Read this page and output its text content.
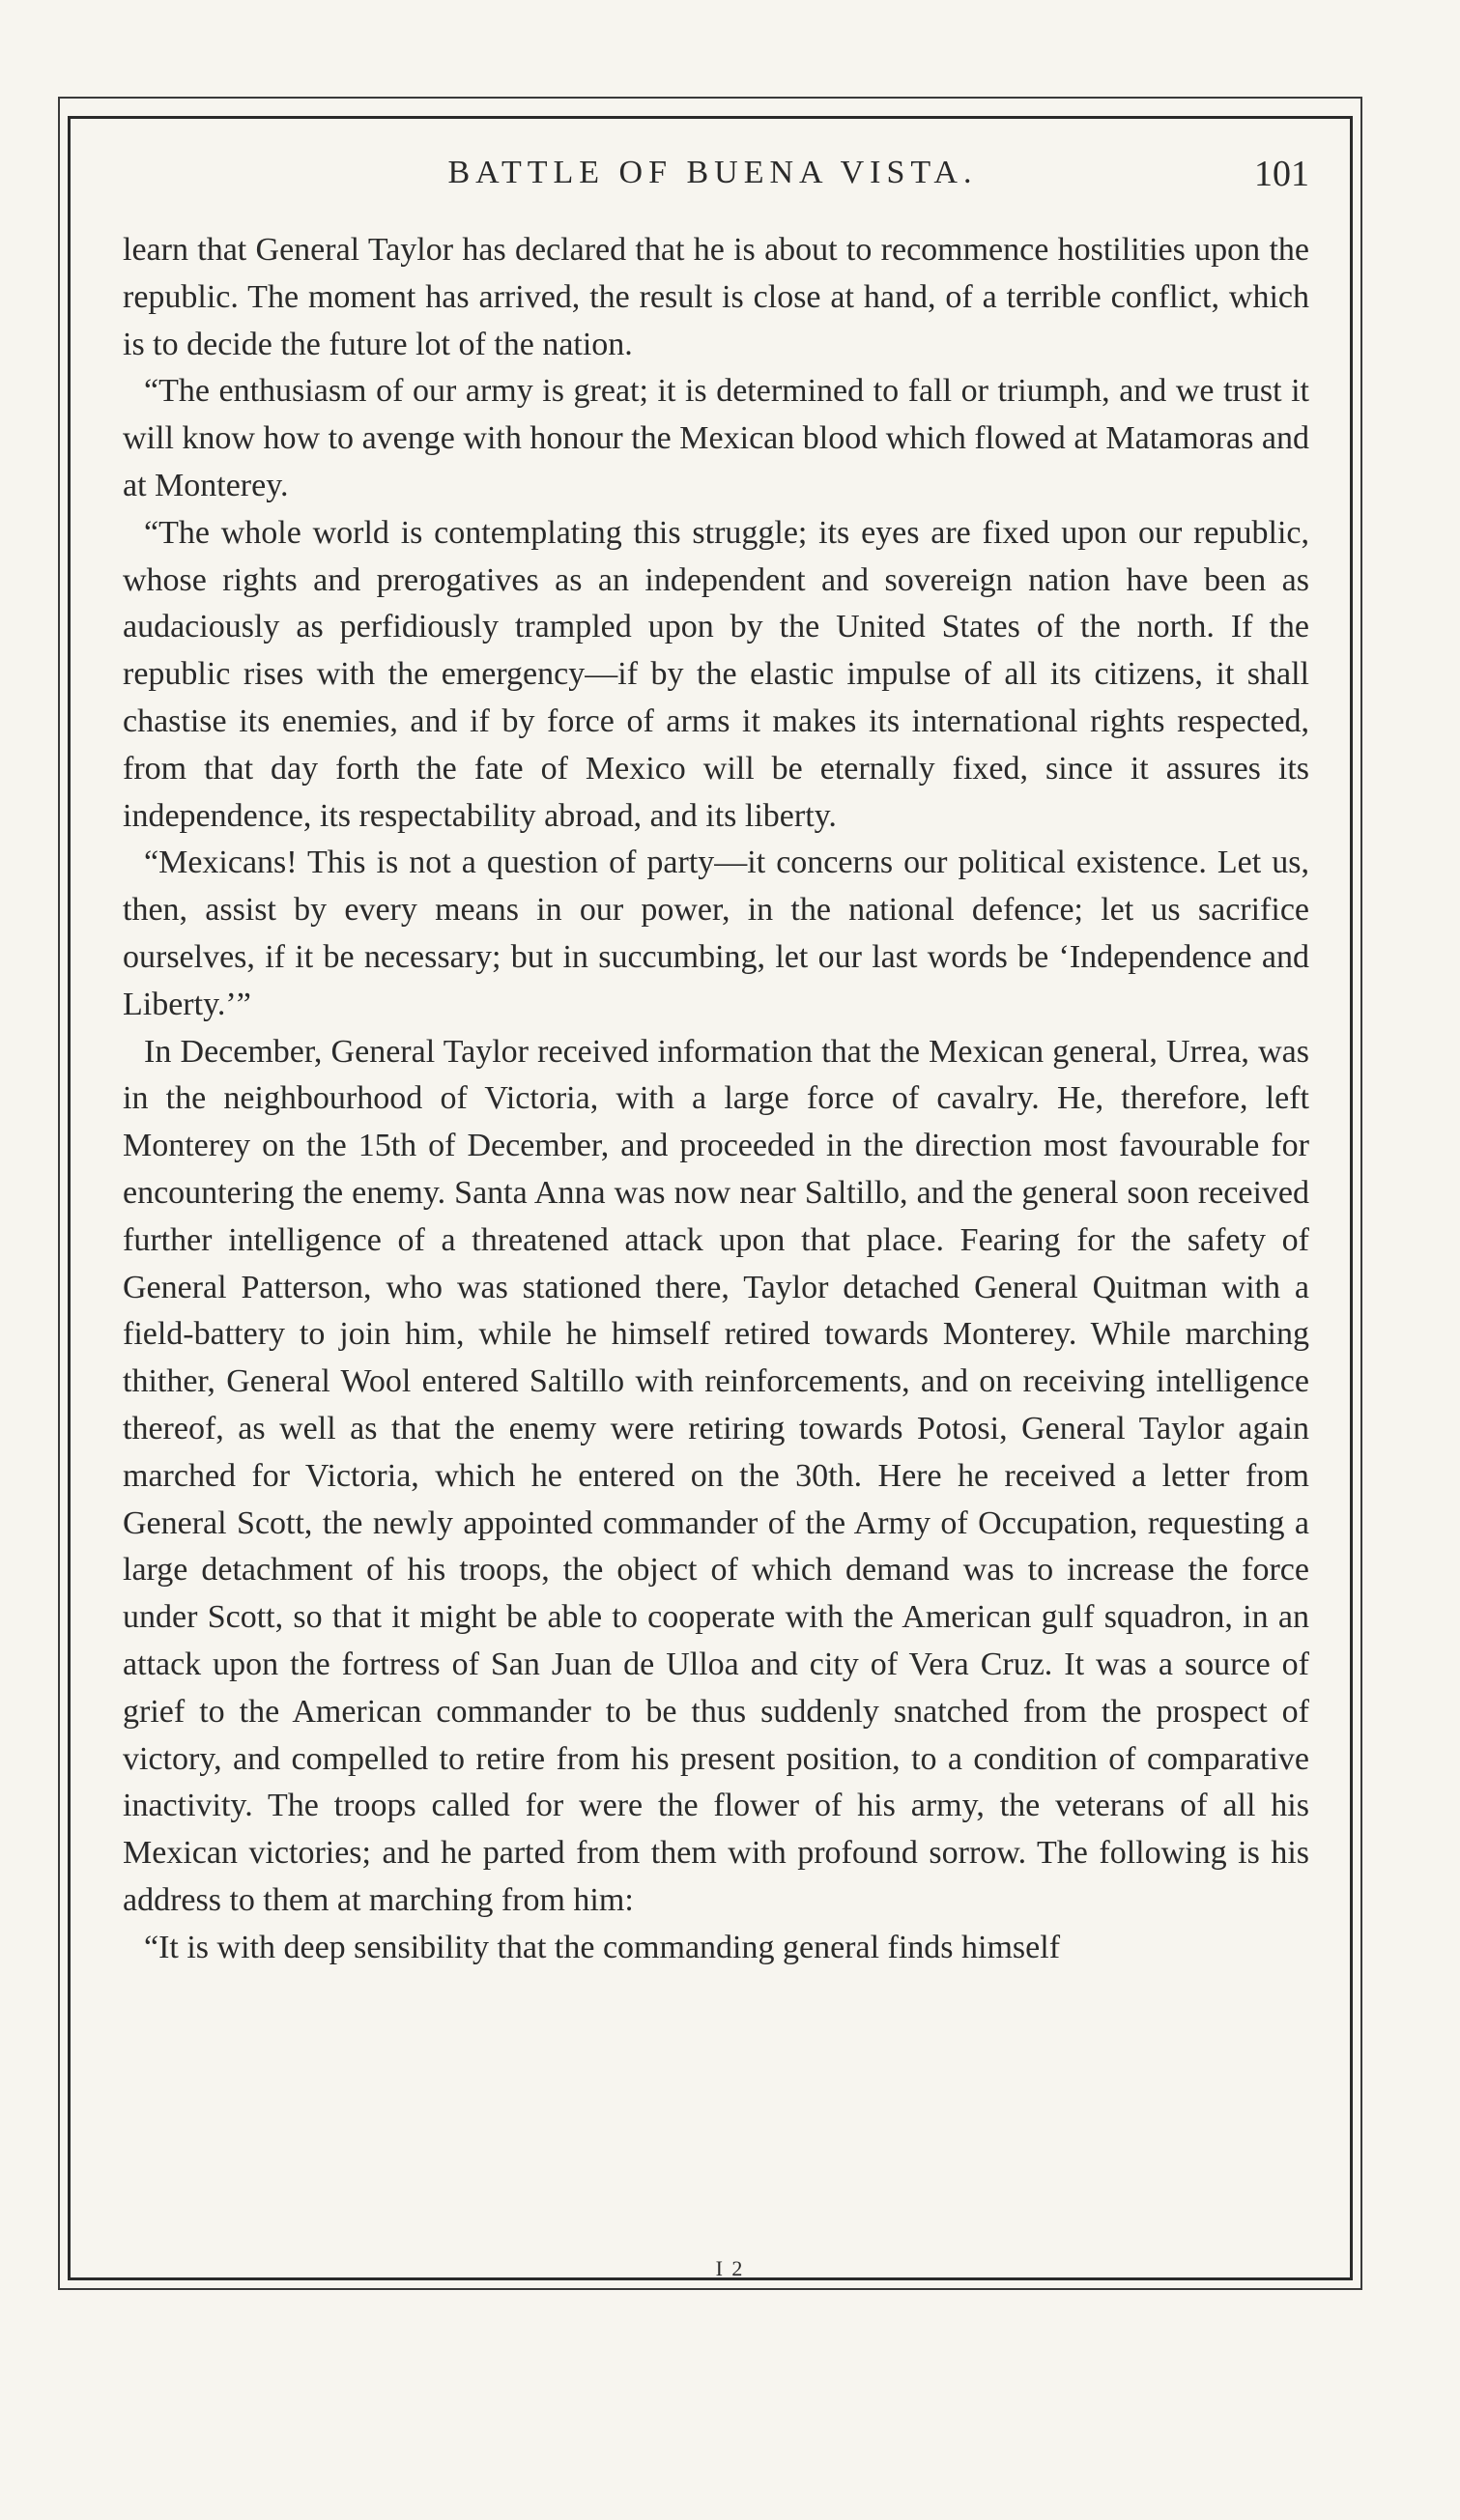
BATTLE OF BUENA VISTA.	101

learn that General Taylor has declared that he is about to recommence hostilities upon the republic. The moment has arrived, the result is close at hand, of a terrible conflict, which is to decide the future lot of the nation.

“The enthusiasm of our army is great; it is determined to fall or triumph, and we trust it will know how to avenge with honour the Mexican blood which flowed at Matamoras and at Monterey.

“The whole world is contemplating this struggle; its eyes are fixed upon our republic, whose rights and prerogatives as an independent and sovereign nation have been as audaciously as perfidiously trampled upon by the United States of the north. If the republic rises with the emergency—if by the elastic impulse of all its citizens, it shall chastise its enemies, and if by force of arms it makes its international rights respected, from that day forth the fate of Mexico will be eternally fixed, since it assures its independence, its respectability abroad, and its liberty.

“Mexicans! This is not a question of party—it concerns our political existence. Let us, then, assist by every means in our power, in the national defence; let us sacrifice ourselves, if it be necessary; but in succumbing, let our last words be ‘Independence and Liberty.’”

In December, General Taylor received information that the Mexican general, Urrea, was in the neighbourhood of Victoria, with a large force of cavalry. He, therefore, left Monterey on the 15th of December, and proceeded in the direction most favourable for encountering the enemy. Santa Anna was now near Saltillo, and the general soon received further intelligence of a threatened attack upon that place. Fearing for the safety of General Patterson, who was stationed there, Taylor detached General Quitman with a field-battery to join him, while he himself retired towards Monterey. While marching thither, General Wool entered Saltillo with reinforcements, and on receiving intelligence thereof, as well as that the enemy were retiring towards Potosi, General Taylor again marched for Victoria, which he entered on the 30th. Here he received a letter from General Scott, the newly appointed commander of the Army of Occupation, requesting a large detachment of his troops, the object of which demand was to increase the force under Scott, so that it might be able to cooperate with the American gulf squadron, in an attack upon the fortress of San Juan de Ulloa and city of Vera Cruz. It was a source of grief to the American commander to be thus suddenly snatched from the prospect of victory, and compelled to retire from his present position, to a condition of comparative inactivity. The troops called for were the flower of his army, the veterans of all his Mexican victories; and he parted from them with profound sorrow. The following is his address to them at marching from him:

“It is with deep sensibility that the commanding general finds himself

I 2
